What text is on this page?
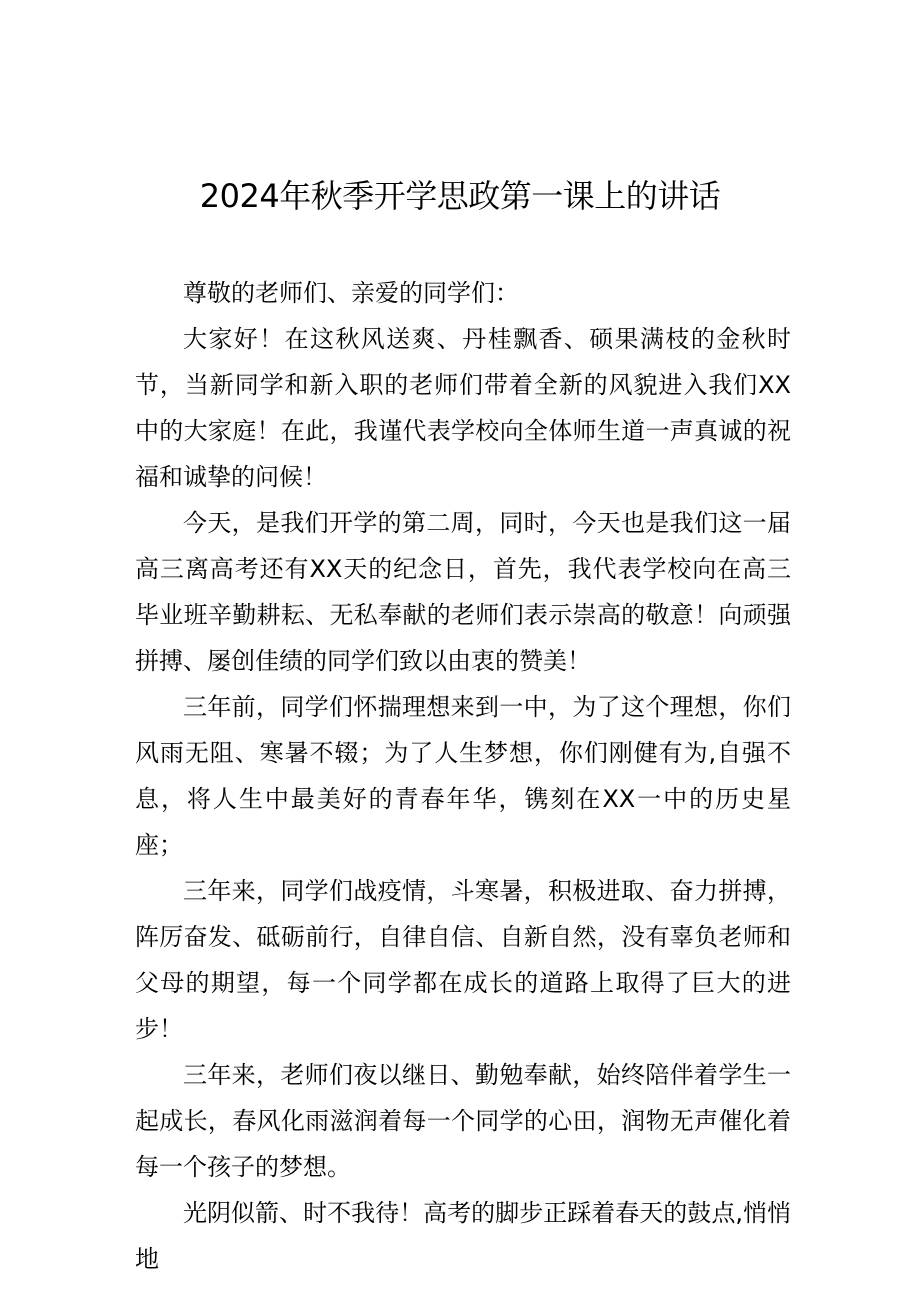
2024年秋季开学思政第一课上的讲话

尊敬的老师们、亲爱的同学们：

大家好！在这秋风送爽、丹桂飘香、硕果满枝的金秋时节，当新同学和新入职的老师们带着全新的风貌进入我们XX中的大家庭！在此，我谨代表学校向全体师生道一声真诚的祝福和诚挚的问候！

今天，是我们开学的第二周，同时，今天也是我们这一届高三离高考还有XX天的纪念日，首先，我代表学校向在高三毕业班辛勤耕耘、无私奉献的老师们表示崇高的敬意！向顽强拼搏、屡创佳绩的同学们致以由衷的赞美！

三年前，同学们怀揣理想来到一中，为了这个理想，你们风雨无阻、寒暑不辍；为了人生梦想，你们刚健有为,自强不息，将人生中最美好的青春年华，镌刻在XX一中的历史星座；

三年来，同学们战疫情，斗寒暑，积极进取、奋力拼搏，阵厉奋发、砥砺前行，自律自信、自新自然，没有辜负老师和父母的期望，每一个同学都在成长的道路上取得了巨大的进步！

三年来，老师们夜以继日、勤勉奉献，始终陪伴着学生一起成长，春风化雨滋润着每一个同学的心田，润物无声催化着每一个孩子的梦想。

光阴似箭、时不我待！高考的脚步正踩着春天的鼓点,悄悄地
